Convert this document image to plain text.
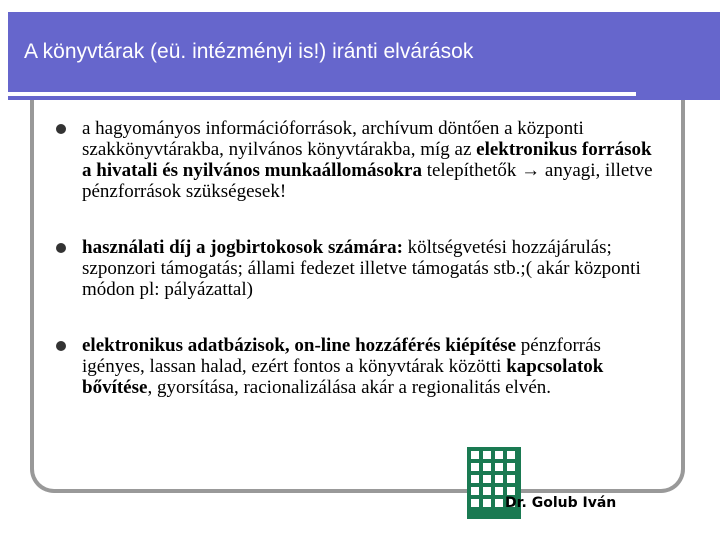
A könyvtárak (eü. intézményi is!) iránti elvárások
a hagyományos információforrások, archívum döntően a központi szakkönyvtárakba, nyilvános könyvtárakba, míg az elektronikus források a hivatali és nyilvános munkaállomásokra telepíthetők → anyagi, illetve pénzforrások szükségesek!
használati díj a jogbirtokosok számára: költségvetési hozzájárulás; szponzori támogatás; állami fedezet illetve támogatás stb.;( akár központi módon pl: pályázattal)
elektronikus adatbázisok, on-line hozzáférés kiépítése pénzforrás igényes, lassan halad, ezért fontos a könyvtárak közötti kapcsolatok bővítése, gyorsítása, racionalizálása akár a regionalitás elvén.
Dr. Golub Iván
